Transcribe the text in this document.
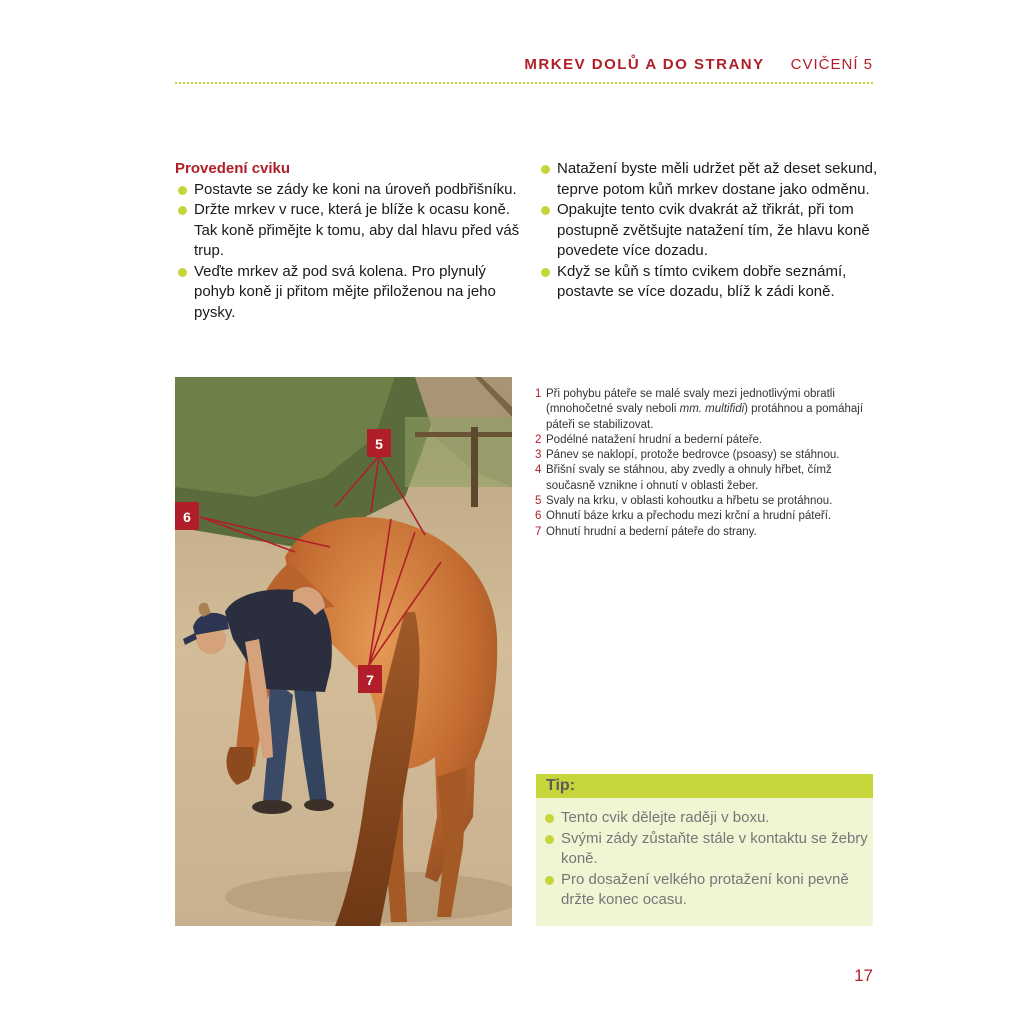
MRKEV DOLŮ A DO STRANY CVIČENÍ 5
Provedení cviku
Postavte se zády ke koni na úroveň podbřišníku.
Držte mrkev v ruce, která je blíže k ocasu koně. Tak koně přimějte k tomu, aby dal hlavu před váš trup.
Veďte mrkev až pod svá kolena. Pro plynulý pohyb koně ji přitom mějte přiloženou na jeho pysky.
Natažení byste měli udržet pět až deset sekund, teprve potom kůň mrkev dostane jako odměnu.
Opakujte tento cvik dvakrát až třikrát, při tom postupně zvětšujte natažení tím, že hlavu koně povedete více dozadu.
Když se kůň s tímto cvikem dobře seznámí, postavte se více dozadu, blíž k zádi koně.
5
6
7
1 Při pohybu páteře se malé svaly mezi jednotlivými obratli (mnohočetné svaly neboli mm. multifidi) protáhnou a pomáhají páteři se stabilizovat.
2 Podélné natažení hrudní a bederní páteře.
3 Pánev se naklopí, protože bedrovce (psoasy) se stáhnou.
4 Břišní svaly se stáhnou, aby zvedly a ohnuly hřbet, čímž současně vznikne i ohnutí v oblasti žeber.
5 Svaly na krku, v oblasti kohoutku a hřbetu se protáhnou.
6 Ohnutí báze krku a přechodu mezi krční a hrudní páteří.
7 Ohnutí hrudní a bederní páteře do strany.
Tip:
Tento cvik dělejte raději v boxu.
Svými zády zůstaňte stále v kontaktu se žebry koně.
Pro dosažení velkého protažení koni pevně držte konec ocasu.
17
